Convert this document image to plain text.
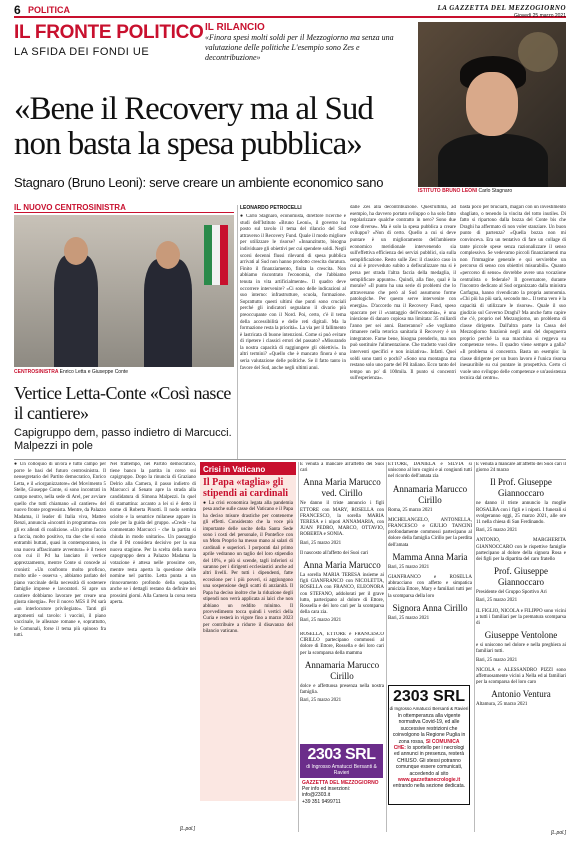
6 POLITICA	LA GAZZETTA DEL MEZZOGIORNO
Giovedì 25 marzo 2021
IL FRONTE POLITICO
LA SFIDA DEI FONDI UE
IL RILANCIO
«Finora spesi molti soldi per il Mezzogiorno ma senza una valutazione delle politiche L'esempio sono Zes e decontribuzione»
«Bene il Recovery ma al Sud non basta la spesa pubblica»
Stagnaro (Bruno Leoni): serve creare un ambiente economico sano
ISTITUTO BRUNO LEONI Carlo Stagnaro
IL NUOVO CENTROSINISTRA
CENTROSINISTRA Enrico Letta e Giuseppe Conte
Vertice Letta-Conte «Così nasce il cantiere»
Capigruppo dem, passo indietro di Marcucci. Malpezzi in pole
● Un colloquio di un'ora e tutto campo per porre le basi del futuro centrosinistra. Il neosegretario del Partito democratico, Enrico Letta, e il «riorganizzatore» del Movimento 5 Stelle, Giuseppe Conte, si sono incontrati in campo neutro, nella sede di Arel, per avviare quello che tutti chiamano «il cantiere» del nuovo fronte progressista. Mentre, da Palazzo Madama, il leader di Italia viva, Matteo Renzi, annuncia «incontri in programma» con gli ex alleati di coalizione. «Un primo faccia a faccia, molto positivo, tra due che si sono entrambi buttati, quasi in contemporanea, in una nuova affascinante avventura» è il tweet con cui il Pd ha lanciato il vertice apprezzamento, mentre Conte si concede ai cronisti: «Un confronto molto proficuo, molto utile - osserva -, abbiamo parlato del piano vaccinale della necessità di sostenere famiglie imprese e lavoratori. Si apre un cantiere dobbiamo lavorare per creare una giusta sinergia». Per il nuovo M5S il Pd sarà «un interlocutore privilegiato». Tanti gli argomenti sul tavolo: i vaccini, il piano vaccinale, le alleanze romane e, soprattutto, le Comunali, forse il tema più spinoso fra tutti.
Nel frattempo, nel Partito democratico, tiene banco la partita in corso sui capigruppo. Dopo la rinuncia di Graziano Delrio alla Camera, il passo indietro di Marcucci al Senato apre la strada alla candidatura di Simona Malpezzi. In quel di stamattina: accanto a lei si è detto il nome di Roberta Pinotti. Il nodo sembra sciolto e la senatrice milanese appare in pole per la guida del gruppo. «Credo - ha commentato Marcucci - che la partita si chiuda in modo unitario». Un passaggio che il Pd considera decisivo per la sua nuova stagione. Per la scelta della nuova capogruppo dem a Palazzo Madama la votazione è attesa nelle prossime ore, mentre resta aperta la questione delle nomine nel partito. Letta punta a un rinnovamento profondo della squadra, anche se i dettagli restano da definire nei prossimi giorni. Alla Camera la corsa resta aperta.
[L.pol.]
LEONARDO PETROCELLI
● Carlo Stagnaro, economista, direttore ricerche e studi dell'Istituto «Bruno Leoni», il governo ha posto sul tavolo il tema del rilancio del Sud attraverso il Recovery Fund. Quale il modo migliore per utilizzare le risorse? «Innanzitutto, bisogna individuare gli obiettivi per cui spendere soldi. Negli scorsi decenni flussi rilevanti di spesa pubblica arrivati al Sud non hanno prodotto crescita duratura. Finito il finanziamento, finita la crescita. Non abbiamo riscontrato l'economia, che l'abbiamo tenuta in vita artificialmente». Il quadro deve occorrere intervenire? «Ci sono delle indicazioni al suo interno: infrastrutture, scuola, formazione. Soprattutto questi ultimi due punti sono cruciali perché gli indicatori segnalano il divario più preoccupante con il Nord. Poi, certo, c'è il tema della accessibilità e delle reti digitali. Ma la formazione resta la priorità». La via per il fallimento è lastricata di buone intenzioni. Come si può evitare di ripetere i classici errori del passato? «Misurando la nostra capacità di raggiungere gli obiettivi». In altri termini? «Quello che è mancato finora è una seria valutazione delle politiche. Se il fatto tanto in favore del Sud, anche negli ultimi anni.
dalle Zes alla decontribuzione. Quest'ultima, ad esempio, ha davvero portato sviluppo o ha solo fatto regolarizzare qualche contratto in nero? Sono due cose diverse». Ma è solo la spesa pubblica a creare sviluppo? «Non di certo. Quello a cui si deve puntare è un miglioramento dell'ambiente economico meridionale intervenendo sia sull'effettiva efficienza dei servizi pubblici, sia sulla semplificazione. Resto sulle Zes: il classico caso in cui ai è provveduto subito a defiscalizzare ma si è persa per strada l'altra faccia della medaglia, il semplificare appunto». Quindi, alla fine, qual è la morale? «Il punto ha una serie di problemi che lo attraversano che però al Sud assumono forme patologiche. Per questo serve intervenire con energia». D'accordo ma il Recovery Fund, speso spaccato per il «vantaggio dell'economia», è una iniezione di danaro copiosa ma limitata: 35 miliardi l'anno per sei anni. Basteranno? «Se vogliamo rimanere nella retorica sanitaria il Recovery è un integratore. Farne bene, bisogna prenderlo, ma non può sostituire l'alimentazione. Che tradotto vuol dire interventi specifici e non iniziativa». Infatti. Quei soldi sono tanti o pochi? «Sono una montagna ma restano solo uno parte del Pil italiano. Ecco tanto del tempo un po' di 100mila. Il punto si concentri sull'esperienza».
basta poco per bruciarli, magari con un investimento sbagliato, o tenendo la vincita del totto inutiles. Di fatto si ripartono dalla bozza del Conte bis che Draghi ha affermato di non voler stanziare. Un buon punto di partenza? «Quella bozza non mi convinceva. Era un tentativo di fare un collage di tante piccole spese senza razionalizzare il senso complessivo. Se vedevamo piccoli finanziamenti ma non l'immagine generale e qui servirebbe un percorso di senso con obiettivi misurabili». Quanto «percorso di senso» dovrebbe avere una vocazione centralista o federale? Il governatore, durante l'incontro dedicato al Sud organizzato dalla ministra Carfagna, hanno rivendicato la propria autonomia. «Chi più ha più sarà, secondo me... Il tema vero è la capacità di utilizzare le risorse». Quale il suo giudizio sul Governo Draghi? Ma anche fatto capire che c'è, proprio nel Mezzogiorno, un problema di classe dirigente. Dall'altra parte la Cassa del Mezzogiorno funzionò negli anni del dopoguerra proprio perché la sua macchina si reggeva su competenze vere». Il quadro viene sempre a galla? «Il problema si concentra. Basta un esempio: la classe dirigente per un buon lavoro è l'unica risorsa inesauribile su cui puntare in prospettiva. Certo ci vuole uno sviluppo delle competenze e un'assistenza tecnica dal centro».
Crisi in Vaticano
Il Papa «taglia» gli stipendi ai cardinali
● La crisi economica legata alla pandemia pesa anche sulle casse del Vaticano e il Papa ha deciso misure drastiche per contenerne gli effetti. Considerato che la voce più importante delle uscite della Santa Sede sono i costi del personale, il Pontefice con un Motu Proprio ha messo mano ai salari di cardinali e superiori. I porporati dal primo aprile vedranno un taglio del loro stipendio del 10%, e più si scende, tagli inferiori si saranno per i dirigenti ecclesiastici anche ad altri livelli. Per tutti i dipendenti, fatte eccezione per i più poveri, si aggiungono una sospensione degli scatti di anzianità. Il Papa ha deciso inoltre che la riduzione degli stipendi non verrà applicata ai laici che non abbiano un reddito minimo. Il provvedimento tocca quindi i vertici della Curia e resterà in vigore fino a marzo 2023 per contribuire a ridurre il disavanzo del bilancio vaticano.
È venuta a mancare all'affetto dei Suoi cari
Anna Maria Marucco ved. Cirillo
Ne danno il triste annuncio i figli ETTORE con MARY, ROSELLA con FRANCESCO, la sorella MARIA TERESA e i nipoti ANNAMARIA, con JUAN PEDRO, MARCO, OTTAVIO, ROBERTA e SONIA.
Bari, 25 marzo 2021
Il nascosto all'affetto dei Suoi cari
Anna Maria Marucco
La sorella MARIA TERESA insieme ai figli GIANFRANCO con NICOLETTA, ROSELLA con FRANCO, ELEONORA con STEFANO, addolorati per il grave lutto, partecipano al dolore di Ettore, Rossella e dei loro cari per la scomparsa della cara zia.
Bari, 25 marzo 2021
ROSELLA, ETTORE e FRANCESCO CIRILLO partecipano commossi al dolore di Ettore, Rossella e dei loro cari per la scomparsa della mamma
Annamaria Marucco Cirillo
dolce e affettuosa presenza nella nostra famiglia.
Bari, 25 marzo 2021
2303 SRL
di Ingrosso Amatucci Bersanti & Ravieri
GAZZETTA DEL MEZZOGIORNO
Per info ed inserzioni:
info@2303.it
+39 351 9499711
ETTORE, DANIELA e SILVIA si uniscono al loro cugini e ai congiunti tutti nel ricordo dell'amata zia
Annamaria Marucco Cirillo
Roma, 25 marzo 2021
MICHELANGELO, ANTONELLA, FRANCESCO e GIULIO TANCINI profondamente commossi partecipano al dolore della famiglia Cirillo per la perdita dell'amata
Mamma Anna Maria
Bari, 25 marzo 2021
GIANFRANCO e ROSELLA abbracciano con affetto e simpatica amicizia Ettore, Mary e familiari tutti per la scomparsa della loro
Signora Anna Cirillo
Bari, 25 marzo 2021
2303 SRL
di Ingrosso Amatucci Bersanti & Ravieri
In ottemperanza alla vigente normativa Covid-19, ed alle successive restrizioni che coinvolgono la Regione Puglia in zona rossa, SI COMUNICA CHE: lo sportello per i necrologi ed annunci in presenza, resterà CHIUSO. Gli stessi potranno comunque essere comunicati, accedendo al sito www.gazzettanecrologie.it entrando nella sezione dedicata.
È venuta a mancare all'affetto dei Suoi cari il giorno 24 marzo
Il Prof. Giuseppe Giannoccaro
ne danno il triste annuncio la moglie ROSALBA con i figli e i nipoti. I funerali si svolgeranno oggi, 25 marzo 2021, alle ore 11 nella chiesa di San Ferdinando.
Bari, 25 marzo 2021
ANTONIO, MARGHERITA GIANNOCCARO con le rispettive famiglie partecipano al dolore della signora Rosa e dei figli per la dipartita del caro fratello
Prof. Giuseppe Giannoccaro
Presidente del Gruppo Sportivo Ari
Bari, 25 marzo 2021
IL FIGLIO, NICOLA e FILIPPO sono vicini a tutti i familiari per la prematura scomparsa di
Giuseppe Ventolone
e si uniscono nel dolore e nella preghiera ai familiari tutti.
Bari, 25 marzo 2021
NICOLA e ALESSANDRO PIZZI sono affettuosamente vicini a Nella ed ai familiari per la scomparsa del loro caro
Antonio Ventura
Altamura, 25 marzo 2021
[L.pol.]
